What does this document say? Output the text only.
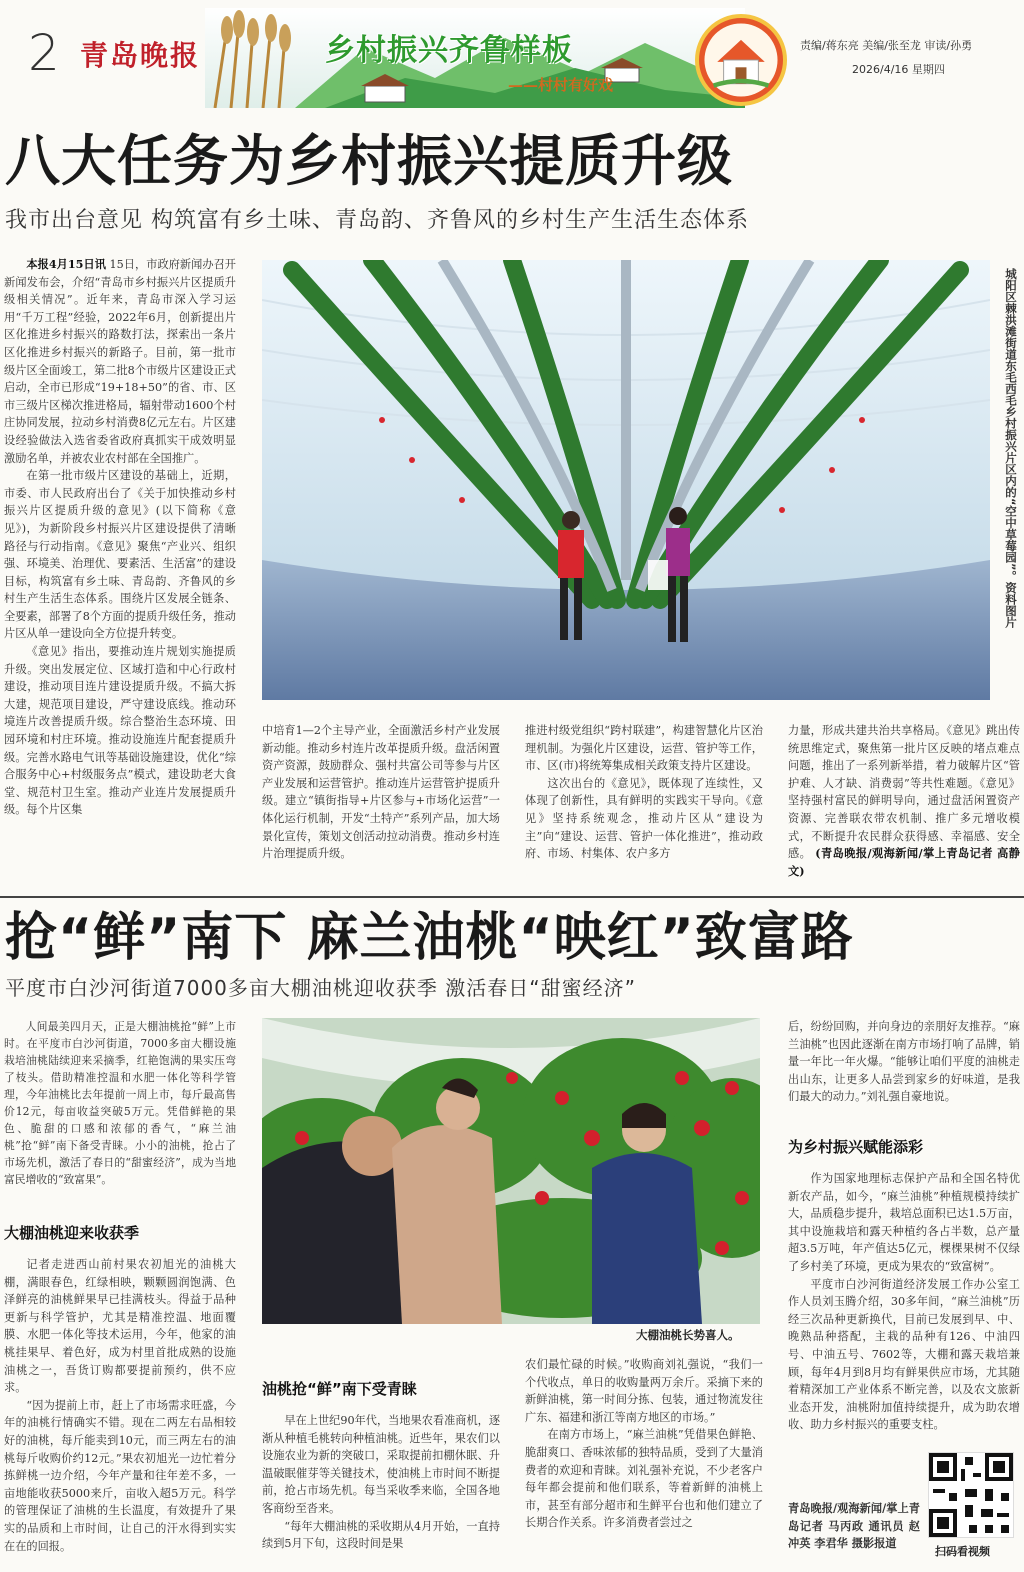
2 青岛晚报	乡村振兴齐鲁样板
——村村有好戏
责编/蒋东亮 美编/张至龙 审读/孙勇
2026/4/16 星期四
八大任务为乡村振兴提质升级
我市出台意见 构筑富有乡土味、青岛韵、齐鲁风的乡村生产生活生态体系

本报4月15日讯 15日，市政府新闻办召开新闻发布会，介绍“青岛市乡村振兴片区提质升级相关情况”。近年来，青岛市深入学习运用“千万工程”经验，2022年6月，创新提出片区化推进乡村振兴的路数打法，探索出一条片区化推进乡村振兴的新路子。目前，第一批市级片区全面竣工，第二批8个市级片区建设正式启动，全市已形成“19+18+50”的省、市、区市三级片区梯次推进格局，辐射带动1600个村庄协同发展，拉动乡村消费8亿元左右。片区建设经验做法入选省委省政府真抓实干成效明显激励名单，并被农业农村部在全国推广。

在第一批市级片区建设的基础上，近期，市委、市人民政府出台了《关于加快推动乡村振兴片区提质升级的意见》(以下简称《意见》)，为新阶段乡村振兴片区建设提供了清晰路径与行动指南。《意见》聚焦“产业兴、组织强、环境美、治理优、要素活、生活富”的建设目标，构筑富有乡土味、青岛韵、齐鲁风的乡村生产生活生态体系。围绕片区发展全链条、全要素，部署了8个方面的提质升级任务，推动片区从单一建设向全方位提升转变。

《意见》指出，要推动连片规划实施提质升级。突出发展定位、区域打造和中心行政村建设，推动项目连片建设提质升级。不搞大拆大建，规范项目建设，严守建设底线。推动环境连片改善提质升级。综合整治生态环境、田园环境和村庄环境。推动设施连片配套提质升级。完善水路电气讯等基础设施建设，优化“综合服务中心+村级服务点”模式，建设助老大食堂、规范村卫生室。推动产业连片发展提质升级。每个片区集

城阳区棘洪滩街道东毛西毛乡村振兴片区内的“空中草莓园”。资料图片

中培育1—2个主导产业，全面激活乡村产业发展新动能。推动乡村连片改革提质升级。盘活闲置资产资源，鼓励群众、强村共富公司等参与片区产业发展和运营管护。推动连片运营管护提质升级。建立“镇街指导+片区参与+市场化运营”一体化运行机制，开发“土特产”系列产品，加大场景化宣传，策划文创活动拉动消费。推动乡村连片治理提质升级。

推进村级党组织“跨村联建”，构建智慧化片区治理机制。为强化片区建设，运营、管护等工作，市、区(市)将统筹集成相关政策支持片区建设。

这次出台的《意见》，既体现了连续性，又体现了创新性，具有鲜明的实践实干导向。《意见》坚持系统观念，推动片区从“建设为主”向“建设、运营、管护一体化推进”，推动政府、市场、村集体、农户多方

力量，形成共建共治共享格局。《意见》跳出传统思维定式，聚焦第一批片区反映的堵点难点问题，推出了一系列新举措，着力破解片区“管护难、人才缺、消费弱”等共性难题。《意见》坚持强村富民的鲜明导向，通过盘活闲置资产资源、完善联农带农机制、推广多元增收模式，不断提升农民群众获得感、幸福感、安全感。 (青岛晚报/观海新闻/掌上青岛记者 高静文)

抢“鲜”南下 麻兰油桃“映红”致富路
平度市白沙河街道7000多亩大棚油桃迎收获季 激活春日“甜蜜经济”

人间最美四月天，正是大棚油桃抢“鲜”上市时。在平度市白沙河街道，7000多亩大棚设施栽培油桃陆续迎来采摘季，红艳饱满的果实压弯了枝头。借助精准控温和水肥一体化等科学管理，今年油桃比去年提前一周上市，每斤最高售价12元，每亩收益突破5万元。凭借鲜艳的果色、脆甜的口感和浓郁的香气，“麻兰油桃”抢“鲜”南下备受青睐。小小的油桃，抢占了市场先机，激活了春日的“甜蜜经济”，成为当地富民增收的“致富果”。

大棚油桃迎来收获季

记者走进西山前村果农初旭光的油桃大棚，满眼春色，红绿相映，颗颗圆润饱满、色泽鲜亮的油桃鲜果早已挂满枝头。得益于品种更新与科学管护，尤其是精准控温、地面覆膜、水肥一体化等技术运用，今年，他家的油桃挂果早、着色好，成为村里首批成熟的设施油桃之一，吾货订购都要提前预约，供不应求。

“因为提前上市，赶上了市场需求旺盛，今年的油桃行情确实不错。现在二两左右品相较好的油桃，每斤能卖到10元，而三两左右的油桃每斤收购价约12元。”果农初旭光一边忙着分拣鲜桃一边介绍，今年产量和往年差不多，一亩地能收获5000来斤，亩收入超5万元。科学的管理保证了油桃的生长温度，有效提升了果实的品质和上市时间，让自己的汗水得到实实在在的回报。

大棚油桃长势喜人。
油桃抢“鲜”南下受青睐

早在上世纪90年代，当地果农看准商机，逐渐从种植毛桃转向种植油桃。近些年，果农们以设施农业为新的突破口，采取提前扣棚休眠、升温破眠催芽等关键技术，使油桃上市时间不断提前，抢占市场先机。每当采收季来临，全国各地客商纷至沓来。

“每年大棚油桃的采收期从4月开始，一直持续到5月下旬，这段时间是果

农们最忙碌的时候。”收购商刘礼强说，“我们一个代收点，单日的收购量两万余斤。采摘下来的新鲜油桃，第一时间分拣、包装，通过物流发往广东、福建和浙江等南方地区的市场。”

在南方市场上，“麻兰油桃”凭借果色鲜艳、脆甜爽口、香味浓郁的独特品质，受到了大量消费者的欢迎和青睐。刘礼强补充说，不少老客户每年都会提前和他们联系，等着新鲜的油桃上市，甚至有部分超市和生鲜平台也和他们建立了长期合作关系。许多消费者尝过之

后，纷纷回购，并向身边的亲朋好友推荐。“麻兰油桃”也因此逐渐在南方市场打响了品牌，销量一年比一年火爆。“能够让咱们平度的油桃走出山东，让更多人品尝到家乡的好味道，是我们最大的动力。”刘礼强自豪地说。

为乡村振兴赋能添彩

作为国家地理标志保护产品和全国名特优新农产品，如今，“麻兰油桃”种植规模持续扩大，品质稳步提升，栽培总面积已达1.5万亩，其中设施栽培和露天种植约各占半数，总产量超3.5万吨，年产值达5亿元，棵棵果树不仅绿了乡村美了环境，更成为果农的“致富树”。

平度市白沙河街道经济发展工作办公室工作人员刘玉腾介绍，30多年间，“麻兰油桃”历经三次品种更新换代，目前已发展到早、中、晚熟品种搭配，主栽的品种有126、中油四号、中油五号、7602等，大棚和露天栽培兼顾，每年4月到8月均有鲜果供应市场，尤其随着精深加工产业体系不断完善，以及农文旅新业态开发，油桃附加值持续提升，成为助农增收、助力乡村振兴的重要支柱。

青岛晚报/观海新闻/掌上青岛记者 马丙政 通讯员 赵冲英 李君华 摄影报道

扫码看视频
